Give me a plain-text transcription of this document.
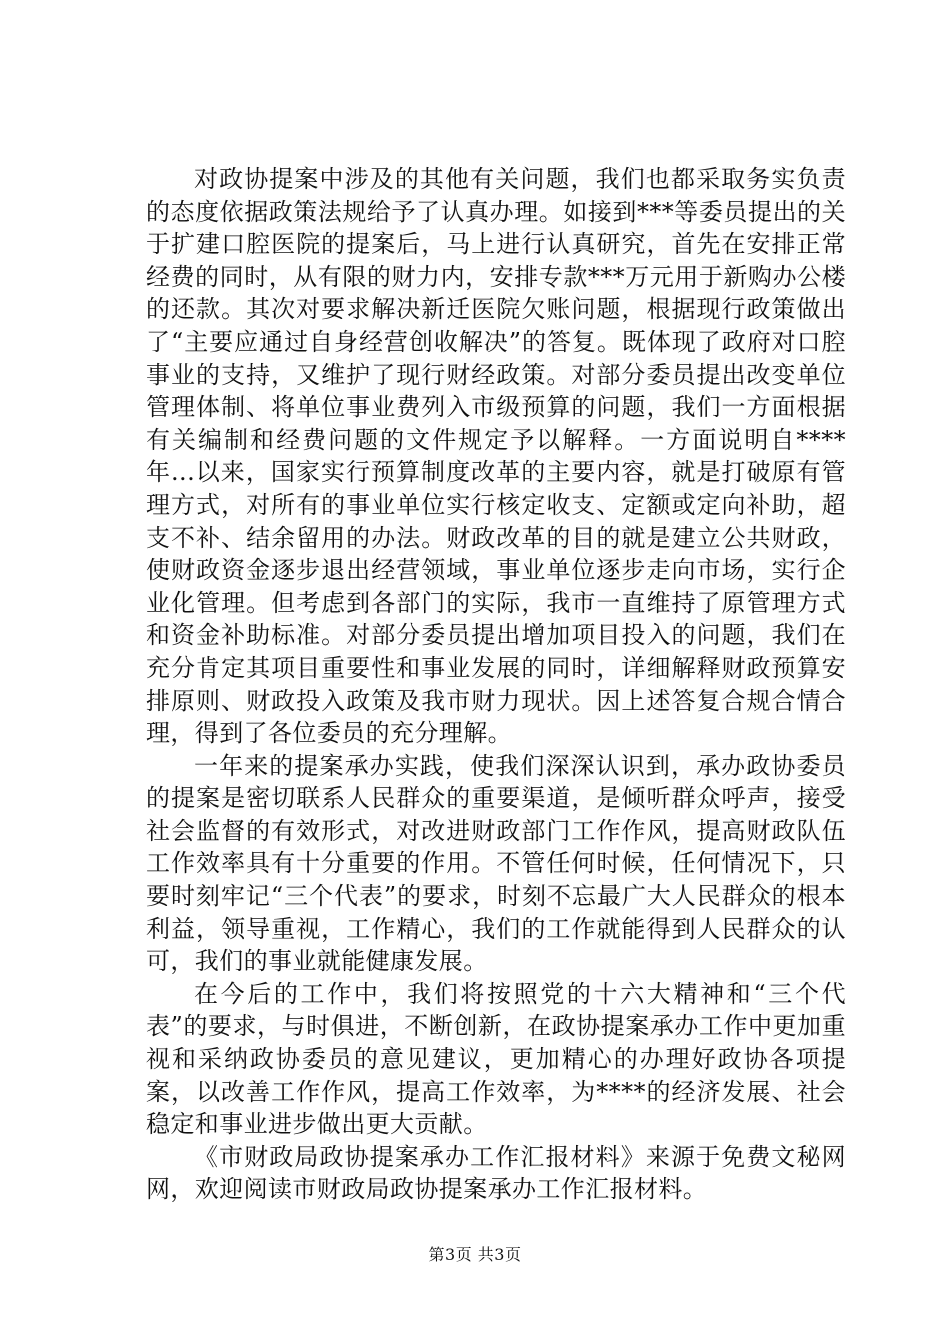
对政协提案中涉及的其他有关问题，我们也都采取务实负责的态度依据政策法规给予了认真办理。如接到***等委员提出的关于扩建口腔医院的提案后，马上进行认真研究，首先在安排正常经费的同时，从有限的财力内，安排专款***万元用于新购办公楼的还款。其次对要求解决新迁医院欠账问题，根据现行政策做出了“主要应通过自身经营创收解决”的答复。既体现了政府对口腔事业的支持，又维护了现行财经政策。对部分委员提出改变单位管理体制、将单位事业费列入市级预算的问题，我们一方面根据有关编制和经费问题的文件规定予以解释。一方面说明自****年...以来，国家实行预算制度改革的主要内容，就是打破原有管理方式，对所有的事业单位实行核定收支、定额或定向补助，超支不补、结余留用的办法。财政改革的目的就是建立公共财政，使财政资金逐步退出经营领域，事业单位逐步走向市场，实行企业化管理。但考虑到各部门的实际，我市一直维持了原管理方式和资金补助标准。对部分委员提出增加项目投入的问题，我们在充分肯定其项目重要性和事业发展的同时，详细解释财政预算安排原则、财政投入政策及我市财力现状。因上述答复合规合情合理，得到了各位委员的充分理解。

一年来的提案承办实践，使我们深深认识到，承办政协委员的提案是密切联系人民群众的重要渠道，是倾听群众呼声，接受社会监督的有效形式，对改进财政部门工作作风，提高财政队伍工作效率具有十分重要的作用。不管任何时候，任何情况下，只要时刻牢记“三个代表”的要求，时刻不忘最广大人民群众的根本利益，领导重视，工作精心，我们的工作就能得到人民群众的认可，我们的事业就能健康发展。

在今后的工作中，我们将按照党的十六大精神和“三个代表”的要求，与时俱进，不断创新，在政协提案承办工作中更加重视和采纳政协委员的意见建议，更加精心的办理好政协各项提案，以改善工作作风，提高工作效率，为****的经济发展、社会稳定和事业进步做出更大贡献。

《市财政局政协提案承办工作汇报材料》来源于免费文秘网网，欢迎阅读市财政局政协提案承办工作汇报材料。

第3页 共3页
